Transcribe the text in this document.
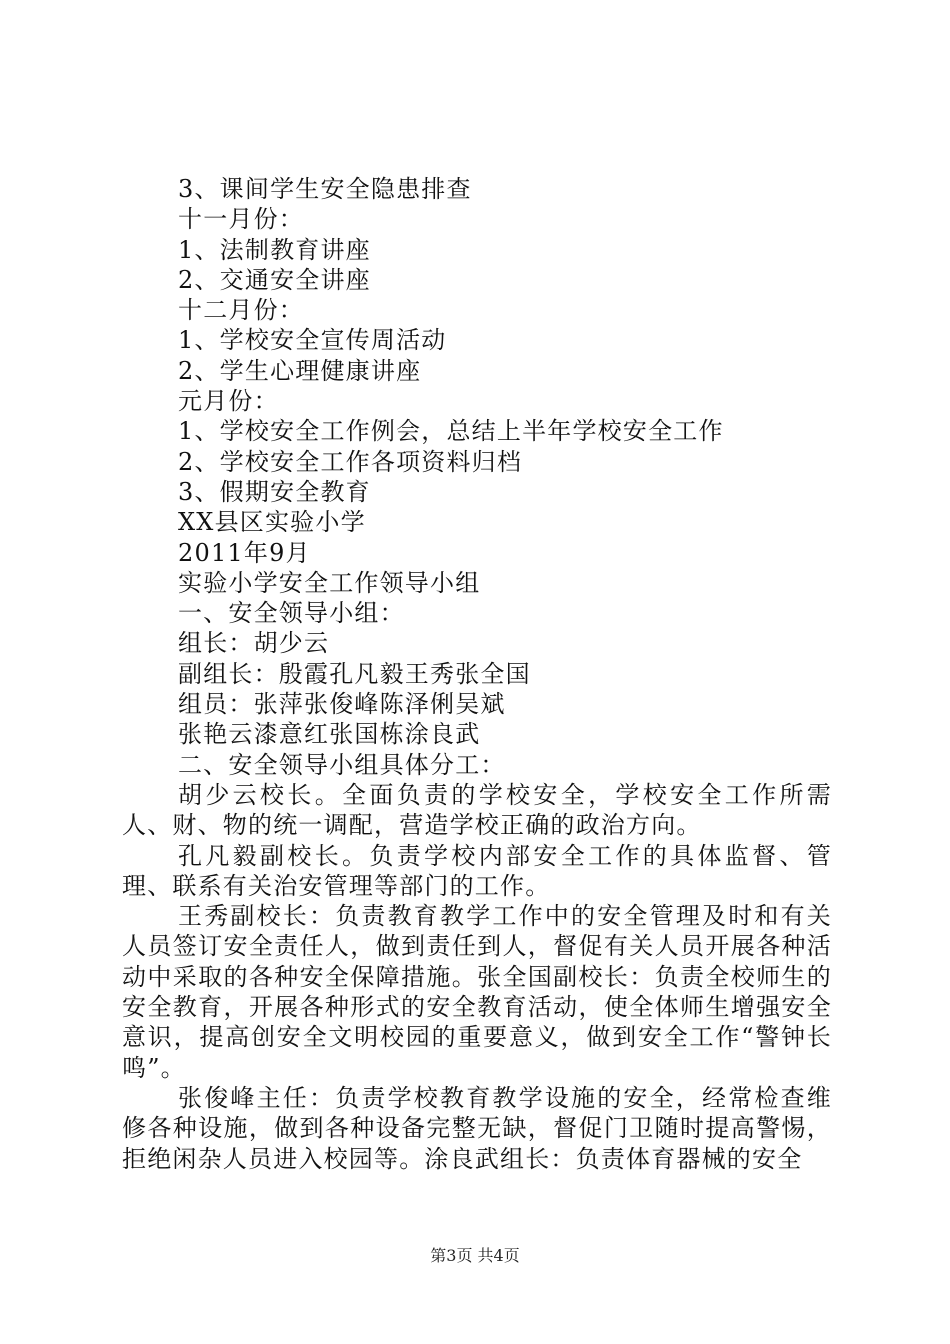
3、课间学生安全隐患排查

十一月份：

1、法制教育讲座

2、交通安全讲座

十二月份：

1、学校安全宣传周活动

2、学生心理健康讲座

元月份：

1、学校安全工作例会，总结上半年学校安全工作

2、学校安全工作各项资料归档

3、假期安全教育

XX县区实验小学

2011年9月

实验小学安全工作领导小组

一、安全领导小组：

组长：胡少云

副组长：殷霞孔凡毅王秀张全国

组员：张萍张俊峰陈泽俐吴斌

张艳云漆意红张国栋涂良武

二、安全领导小组具体分工：

胡少云校长。全面负责的学校安全，学校安全工作所需人、财、物的统一调配，营造学校正确的政治方向。

孔凡毅副校长。负责学校内部安全工作的具体监督、管理、联系有关治安管理等部门的工作。

王秀副校长：负责教育教学工作中的安全管理及时和有关人员签订安全责任人，做到责任到人，督促有关人员开展各种活动中采取的各种安全保障措施。张全国副校长：负责全校师生的安全教育，开展各种形式的安全教育活动，使全体师生增强安全意识，提高创安全文明校园的重要意义，做到安全工作“警钟长鸣”。

张俊峰主任：负责学校教育教学设施的安全，经常检查维修各种设施，做到各种设备完整无缺，督促门卫随时提高警惕，拒绝闲杂人员进入校园等。涂良武组长：负责体育器械的安全

第3页 共4页
